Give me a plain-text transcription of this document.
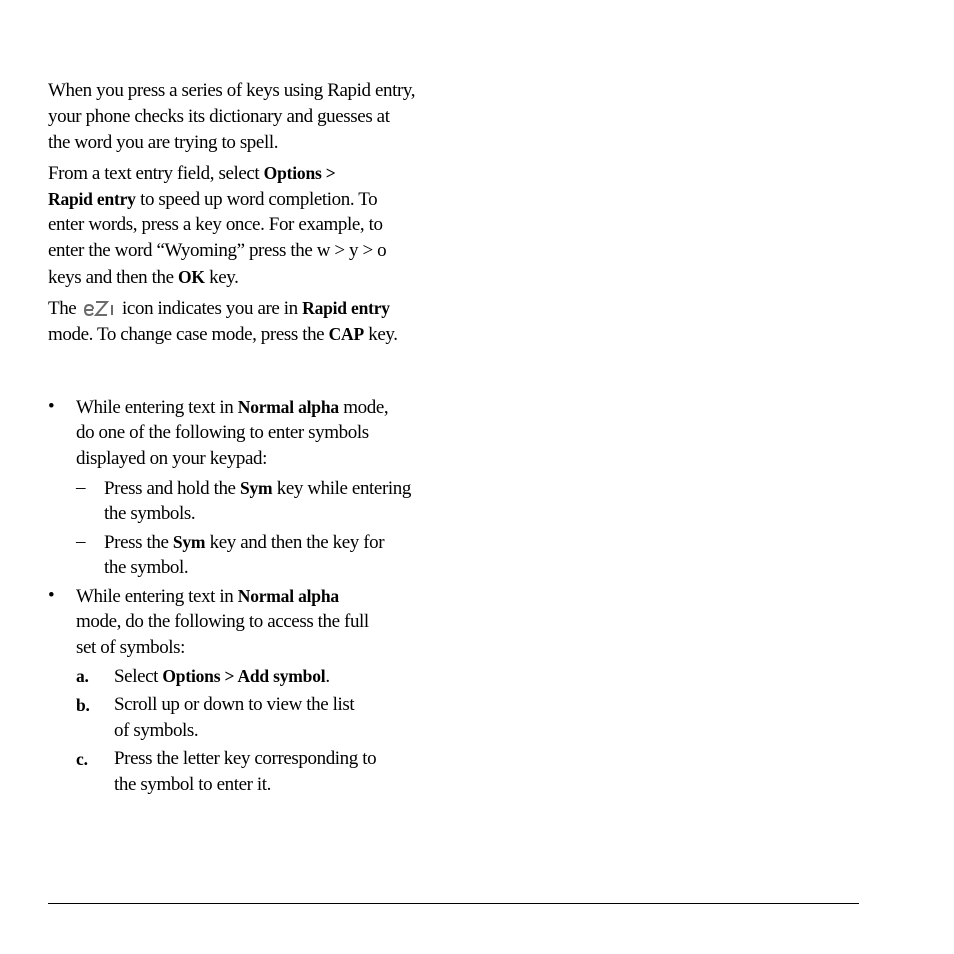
When you press a series of keys using Rapid entry,
your phone checks its dictionary and guesses at
the word you are trying to spell.
From a text entry field, select Options >
Rapid entry to speed up word completion. To
enter words, press a key once. For example, to
enter the word “Wyoming” press the w > y > o
keys and then the OK key.
The  icon indicates you are in Rapid entry
mode. To change case mode, press the CAP key.
• While entering text in Normal alpha mode,
do one of the following to enter symbols
displayed on your keypad:
– Press and hold the Sym key while entering
the symbols.
– Press the Sym key and then the key for
the symbol.
• While entering text in Normal alpha
mode, do the following to access the full
set of symbols:
a. Select Options > Add symbol.
b. Scroll up or down to view the list
of symbols.
c. Press the letter key corresponding to
the symbol to enter it.
